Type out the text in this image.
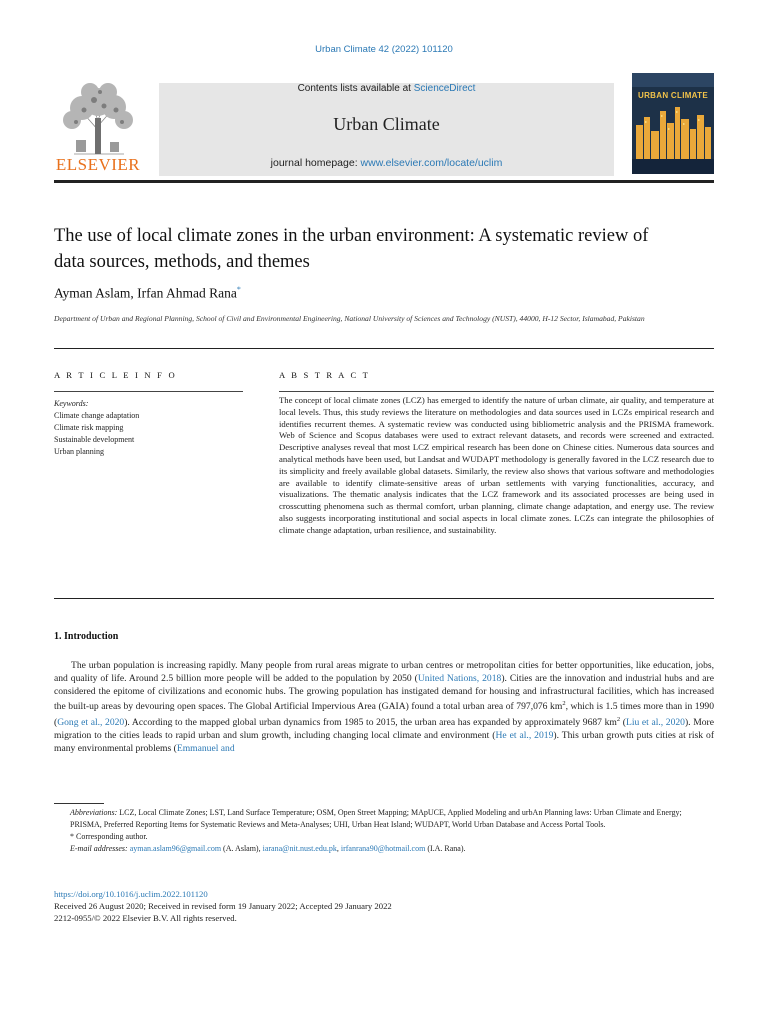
Urban Climate 42 (2022) 101120
ELSEVIER
Contents lists available at ScienceDirect
Urban Climate
journal homepage: www.elsevier.com/locate/uclim
URBAN CLIMATE
The use of local climate zones in the urban environment: A systematic review of data sources, methods, and themes
Ayman Aslam, Irfan Ahmad Rana*
Department of Urban and Regional Planning, School of Civil and Environmental Engineering, National University of Sciences and Technology (NUST), 44000, H-12 Sector, Islamabad, Pakistan
A R T I C L E I N F O	A B S T R A C T
Keywords:
Climate change adaptation
Climate risk mapping
Sustainable development
Urban planning
The concept of local climate zones (LCZ) has emerged to identify the nature of urban climate, air quality, and temperature at local levels. Thus, this study reviews the literature on methodologies and data sources used in LCZs empirical research and identifies recurrent themes. A systematic review was conducted using bibliometric analysis and the PRISMA framework. Web of Science and Scopus databases were used to extract relevant datasets, and records were screened and extracted. Descriptive analyses reveal that most LCZ empirical research has been done on Chinese cities. Numerous data sources and analytical methods have been used, but Landsat and WUDAPT methodology is generally favored in the LCZ research due to its simplicity and freely available global datasets. Similarly, the review also shows that various software and methodologies are available to identify climate-sensitive areas of urban settlements with varying functionalities, accuracy, and visualizations. The thematic analysis indicates that the LCZ framework and its associated processes are being used in crosscutting phenomena such as thermal comfort, urban planning, climate change adaptation, and energy use. The review also suggests incorporating institutional and social aspects in local climate zones. LCZs can integrate the philosophies of climate change adaptation, urban resilience, and sustainability.
1. Introduction

The urban population is increasing rapidly. Many people from rural areas migrate to urban centres or metropolitan cities for better opportunities, like education, jobs, and quality of life. Around 2.5 billion more people will be added to the population by 2050 (United Nations, 2018). Cities are the innovation and industrial hubs and are considered the epitome of civilizations and economic hubs. The growing population has instigated demand for housing and infrastructural facilities, which has increased the built-up areas by devouring open spaces. The Global Artificial Impervious Area (GAIA) found a total urban area of 797,076 $km^2$, which is 1.5 times more than in 1990 (Gong et al., 2020). According to the mapped global urban dynamics from 1985 to 2015, the urban area has expanded by approximately 9687 $km^2$ (Liu et al., 2020). More migration to the cities leads to rapid urban and slum growth, including changing local climate and environment (He et al., 2019). This urban growth puts cities at risk of many environmental problems (Emmanuel and

Abbreviations: LCZ, Local Climate Zones; LST, Land Surface Temperature; OSM, Open Street Mapping; MApUCE, Applied Modeling and urbAn Planning laws: Urban Climate and Energy; PRISMA, Preferred Reporting Items for Systematic Reviews and Meta-Analyses; UHI, Urban Heat Island; WUDAPT, World Urban Database and Access Portal Tools.

* Corresponding author.

E-mail addresses: ayman.aslam96@gmail.com (A. Aslam), iarana@nit.nust.edu.pk, irfanrana90@hotmail.com (I.A. Rana).

https://doi.org/10.1016/j.uclim.2022.101120

Received 26 August 2020; Received in revised form 19 January 2022; Accepted 29 January 2022

2212-0955/© 2022 Elsevier B.V. All rights reserved.
